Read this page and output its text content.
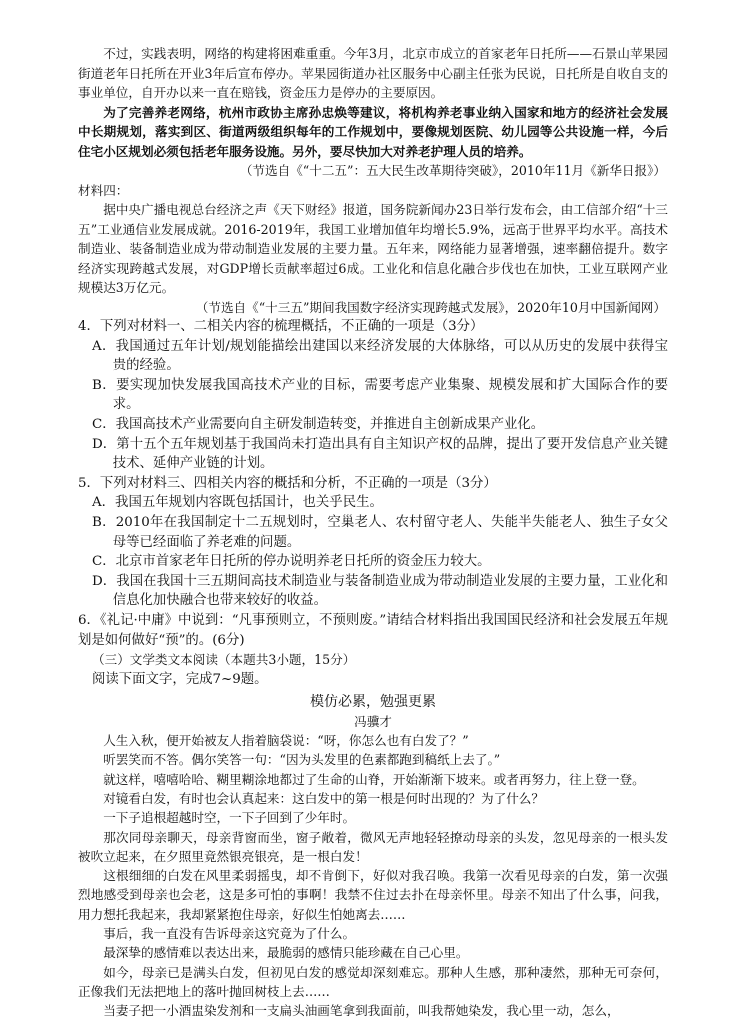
不过，实践表明，网络的构建将困难重重。今年3月，北京市成立的首家老年日托所——石景山苹果园街道老年日托所在开业3年后宣布停办。苹果园街道办社区服务中心副主任张为民说，日托所是自收自支的事业单位，自开办以来一直在赔钱，资金压力是停办的主要原因。

为了完善养老网络，杭州市政协主席孙忠焕等建议，将机构养老事业纳入国家和地方的经济社会发展中长期规划，落实到区、街道两级组织每年的工作规划中，要像规划医院、幼儿园等公共设施一样，今后住宅小区规划必须包括老年服务设施。另外，要尽快加大对养老护理人员的培养。

（节选自《“十二五”：五大民生改革期待突破》，2010年11月《新华日报》）

材料四：

据中央广播电视总台经济之声《天下财经》报道，国务院新闻办23日举行发布会，由工信部介绍“十三五”工业通信业发展成就。2016-2019年，我国工业增加值年均增长5.9%，远高于世界平均水平。高技术制造业、装备制造业成为带动制造业发展的主要力量。五年来，网络能力显著增强，速率翻倍提升。数字经济实现跨越式发展，对GDP增长贡献率超过6成。工业化和信息化融合步伐也在加快，工业互联网产业规模达3万亿元。

（节选自《“十三五”期间我国数字经济实现跨越式发展》，2020年10月中国新闻网）

4．下列对材料一、二相关内容的梳理概括，不正确的一项是（3分）

A．我国通过五年计划/规划能描绘出建国以来经济发展的大体脉络，可以从历史的发展中获得宝贵的经验。

B．要实现加快发展我国高技术产业的目标，需要考虑产业集聚、规模发展和扩大国际合作的要求。

C．我国高技术产业需要向自主研发制造转变，并推进自主创新成果产业化。

D．第十五个五年规划基于我国尚未打造出具有自主知识产权的品牌，提出了要开发信息产业关键技术、延伸产业链的计划。

5．下列对材料三、四相关内容的概括和分析，不正确的一项是（3分）

A．我国五年规划内容既包括国计，也关乎民生。

B．2010年在我国制定十二五规划时，空巢老人、农村留守老人、失能半失能老人、独生子女父母等已经面临了养老难的问题。

C．北京市首家老年日托所的停办说明养老日托所的资金压力较大。

D．我国在我国十三五期间高技术制造业与装备制造业成为带动制造业发展的主要力量，工业化和信息化加快融合也带来较好的收益。

6．《礼记·中庸》中说到：“凡事预则立，不预则废。”请结合材料指出我国国民经济和社会发展五年规划是如何做好“预”的。(6分)

（三）文学类文本阅读（本题共3小题，15分）

阅读下面文字，完成7~9题。

模仿必累，勉强更累

冯骥才

人生入秋，便开始被友人指着脑袋说：“呀，你怎么也有白发了？”

听罢笑而不答。偶尔笑答一句：“因为头发里的色素都跑到稿纸上去了。”

就这样，嘻嘻哈哈、糊里糊涂地都过了生命的山脊，开始渐渐下坡来。或者再努力，往上登一登。

对镜看白发，有时也会认真起来：这白发中的第一根是何时出现的？为了什么？

一下子追根超越时空，一下子回到了少年时。

那次同母亲聊天，母亲背窗而坐，窗子敞着，微风无声地轻轻撩动母亲的头发，忽见母亲的一根头发被吹立起来，在夕照里竟然银亮银亮，是一根白发！

这根细细的白发在风里柔弱摇曳，却不肯倒下，好似对我召唤。我第一次看见母亲的白发，第一次强烈地感受到母亲也会老，这是多可怕的事啊！我禁不住过去扑在母亲怀里。母亲不知出了什么事，问我，用力想托我起来，我却紧紧抱住母亲，好似生怕她离去……

事后，我一直没有告诉母亲这究竟为了什么。

最深挚的感情难以表达出来，最脆弱的感情只能珍藏在自己心里。

如今，母亲已是满头白发，但初见白发的感觉却深刻难忘。那种人生感，那种凄然，那种无可奈何，正像我们无法把地上的落叶抛回树枝上去……

当妻子把一小酒盅染发剂和一支扁头油画笔拿到我面前，叫我帮她染发，我心里一动，怎么，
